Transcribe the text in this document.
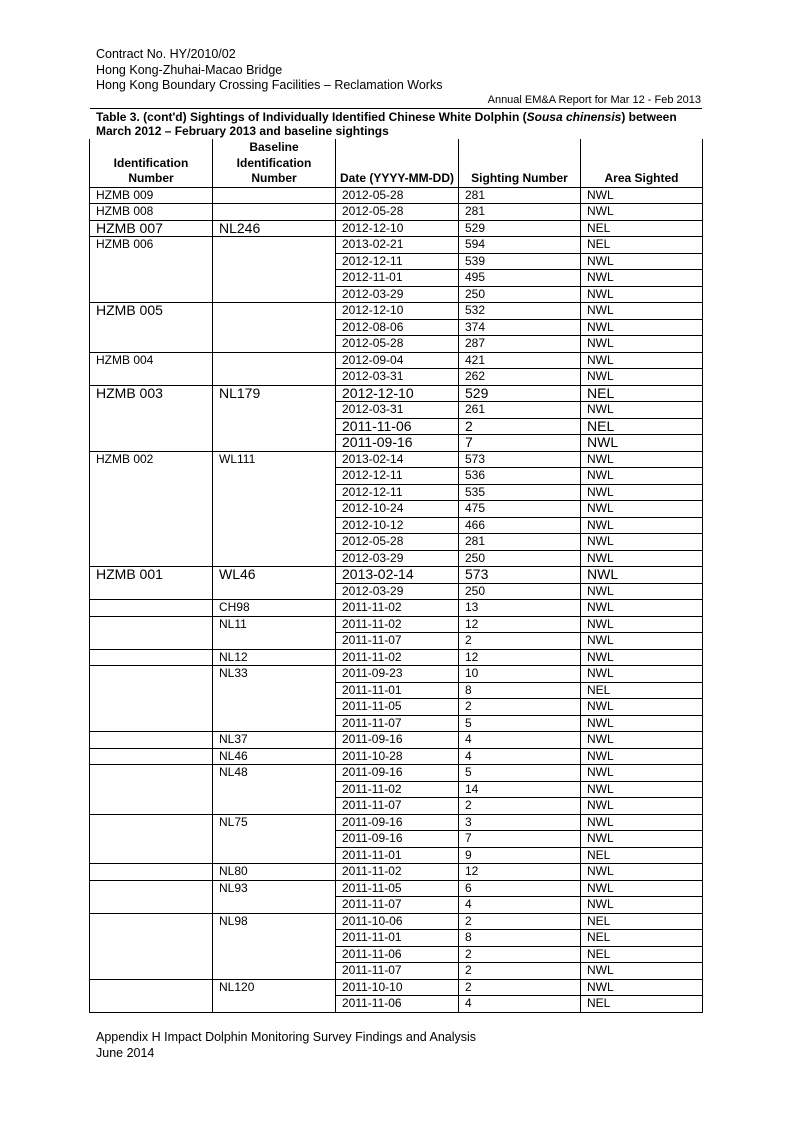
Contract No. HY/2010/02
Hong Kong-Zhuhai-Macao Bridge
Hong Kong Boundary Crossing Facilities – Reclamation Works
Annual EM&A Report for Mar 12 - Feb 2013
Table 3. (cont'd) Sightings of Individually Identified Chinese White Dolphin (Sousa chinensis) between March 2012 – February 2013 and baseline sightings
Identification Number	Baseline Identification Number	Date (YYYY-MM-DD)	Sighting Number	Area Sighted
HZMB 009		2012-05-28	281	NWL
HZMB 008		2012-05-28	281	NWL
HZMB 007	NL246	2012-12-10	529	NEL
HZMB 006		2013-02-21	594	NEL
		2012-12-11	539	NWL
		2012-11-01	495	NWL
		2012-03-29	250	NWL
HZMB 005		2012-12-10	532	NWL
		2012-08-06	374	NWL
		2012-05-28	287	NWL
HZMB 004		2012-09-04	421	NWL
		2012-03-31	262	NWL
HZMB 003	NL179	2012-12-10	529	NEL
		2012-03-31	261	NWL
		2011-11-06	2	NEL
		2011-09-16	7	NWL
HZMB 002	WL111	2013-02-14	573	NWL
		2012-12-11	536	NWL
		2012-12-11	535	NWL
		2012-10-24	475	NWL
		2012-10-12	466	NWL
		2012-05-28	281	NWL
		2012-03-29	250	NWL
HZMB 001	WL46	2013-02-14	573	NWL
		2012-03-29	250	NWL
	CH98	2011-11-02	13	NWL
	NL11	2011-11-02	12	NWL
		2011-11-07	2	NWL
	NL12	2011-11-02	12	NWL
	NL33	2011-09-23	10	NWL
		2011-11-01	8	NEL
		2011-11-05	2	NWL
		2011-11-07	5	NWL
	NL37	2011-09-16	4	NWL
	NL46	2011-10-28	4	NWL
	NL48	2011-09-16	5	NWL
		2011-11-02	14	NWL
		2011-11-07	2	NWL
	NL75	2011-09-16	3	NWL
		2011-09-16	7	NWL
		2011-11-01	9	NEL
	NL80	2011-11-02	12	NWL
	NL93	2011-11-05	6	NWL
		2011-11-07	4	NWL
	NL98	2011-10-06	2	NEL
		2011-11-01	8	NEL
		2011-11-06	2	NEL
		2011-11-07	2	NWL
	NL120	2011-10-10	2	NWL
		2011-11-06	4	NEL
Appendix H Impact Dolphin Monitoring Survey Findings and Analysis
June 2014
